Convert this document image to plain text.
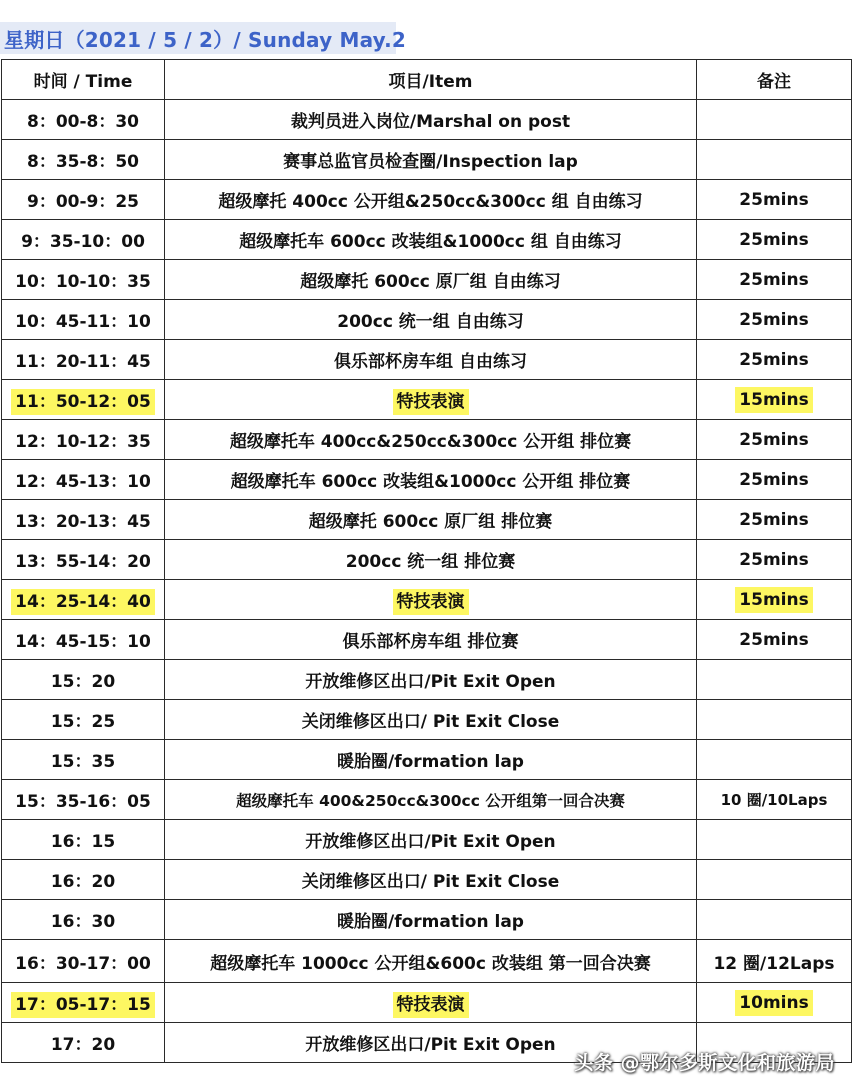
星期日（2021 / 5 / 2）/ Sunday May.2
时间 / Time	项目/Item	备注
8：00-8：30	裁判员进入岗位/Marshal on post	
8：35-8：50	赛事总监官员检查圈/Inspection lap	
9：00-9：25	超级摩托 400cc 公开组&250cc&300cc 组 自由练习	25mins
9：35-10：00	超级摩托车 600cc 改装组&1000cc 组 自由练习	25mins
10：10-10：35	超级摩托 600cc 原厂组 自由练习	25mins
10：45-11：10	200cc 统一组 自由练习	25mins
11：20-11：45	俱乐部杯房车组 自由练习	25mins
11：50-12：05	特技表演	15mins
12：10-12：35	超级摩托车 400cc&250cc&300cc 公开组 排位赛	25mins
12：45-13：10	超级摩托车 600cc 改装组&1000cc 公开组 排位赛	25mins
13：20-13：45	超级摩托 600cc 原厂组 排位赛	25mins
13：55-14：20	200cc 统一组 排位赛	25mins
14：25-14：40	特技表演	15mins
14：45-15：10	俱乐部杯房车组 排位赛	25mins
15：20	开放维修区出口/Pit Exit Open	
15：25	关闭维修区出口/ Pit Exit Close	
15：35	暖胎圈/formation lap	
15：35-16：05	超级摩托车 400&250cc&300cc 公开组第一回合决赛	10 圈/10Laps
16：15	开放维修区出口/Pit Exit Open	
16：20	关闭维修区出口/ Pit Exit Close	
16：30	暖胎圈/formation lap	
16：30-17：00	超级摩托车 1000cc 公开组&600c 改装组 第一回合决赛	12 圈/12Laps
17：05-17：15	特技表演	10mins
17：20	开放维修区出口/Pit Exit Open	
头条 @鄂尔多斯文化和旅游局
